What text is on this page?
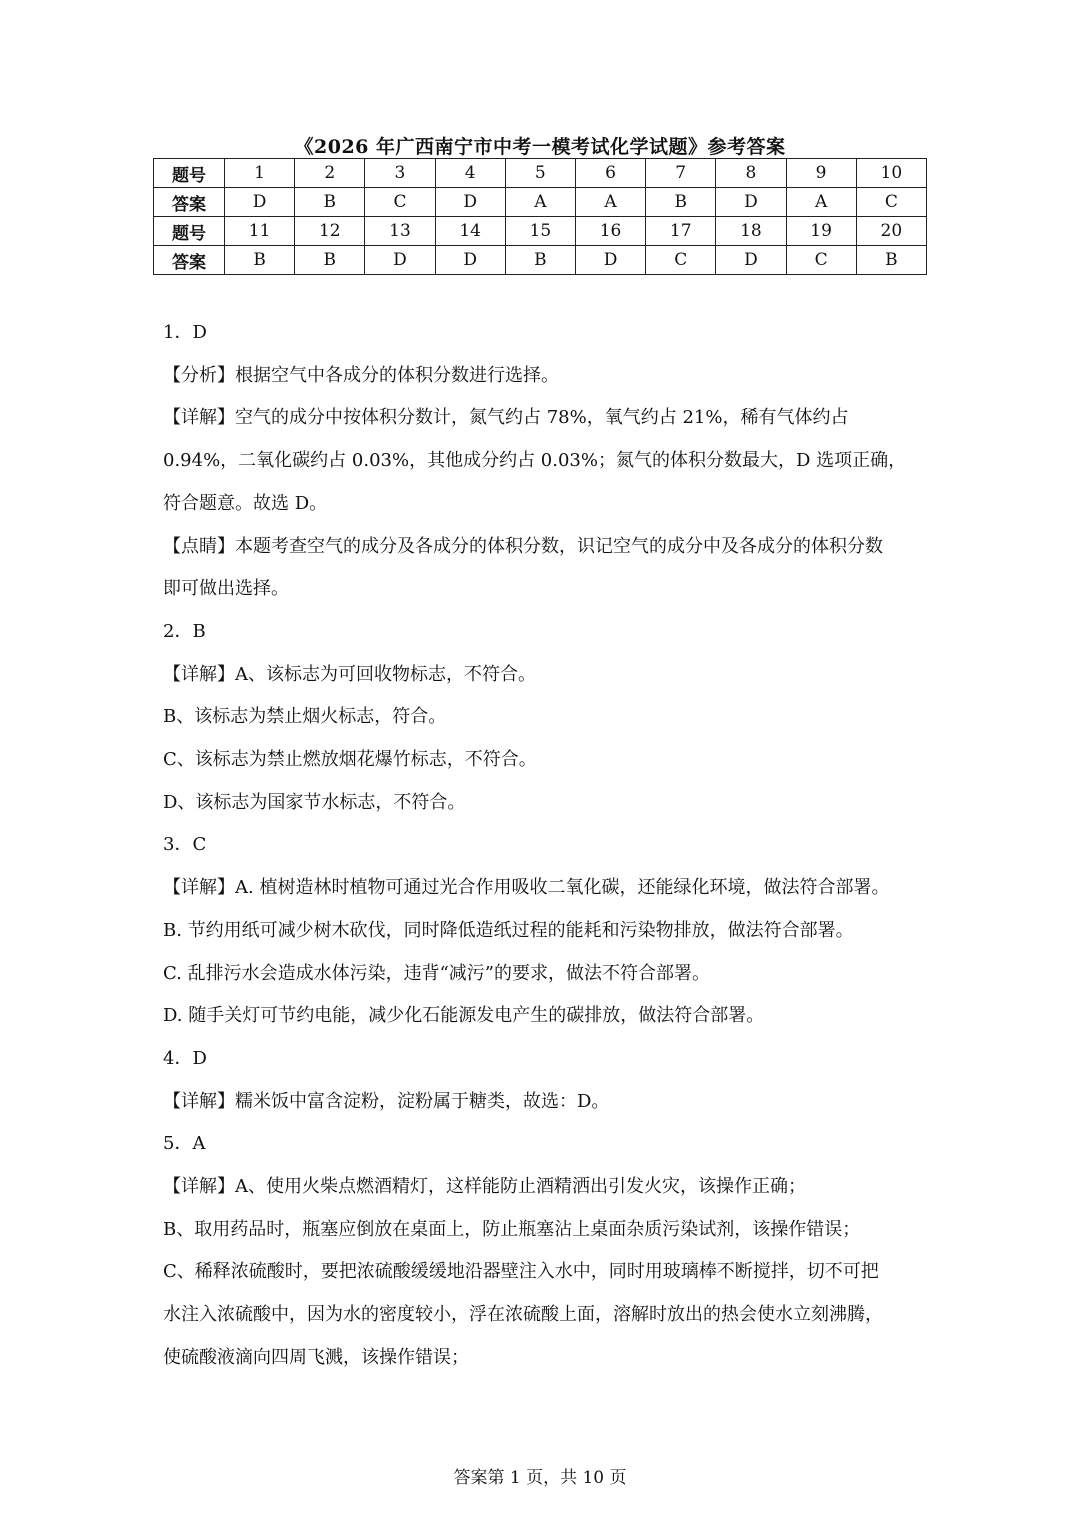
《2026 年广西南宁市中考一模考试化学试题》参考答案
题号	1	2	3	4	5	6	7	8	9	10
答案	D	B	C	D	A	A	B	D	A	C
题号	11	12	13	14	15	16	17	18	19	20
答案	B	B	D	D	B	D	C	D	C	B

1．D

【分析】根据空气中各成分的体积分数进行选择。

【详解】空气的成分中按体积分数计，氮气约占 78%，氧气约占 21%，稀有气体约占

0.94%，二氧化碳约占 0.03%，其他成分约占 0.03%；氮气的体积分数最大，D 选项正确，

符合题意。故选 D。

【点睛】本题考查空气的成分及各成分的体积分数，识记空气的成分中及各成分的体积分数

即可做出选择。

2．B

【详解】A、该标志为可回收物标志，不符合。

B、该标志为禁止烟火标志，符合。

C、该标志为禁止燃放烟花爆竹标志，不符合。

D、该标志为国家节水标志，不符合。

3．C

【详解】A. 植树造林时植物可通过光合作用吸收二氧化碳，还能绿化环境，做法符合部署。

B. 节约用纸可减少树木砍伐，同时降低造纸过程的能耗和污染物排放，做法符合部署。

C. 乱排污水会造成水体污染，违背“减污”的要求，做法不符合部署。

D. 随手关灯可节约电能，减少化石能源发电产生的碳排放，做法符合部署。

4．D

【详解】糯米饭中富含淀粉，淀粉属于糖类，故选：D。

5．A

【详解】A、使用火柴点燃酒精灯，这样能防止酒精洒出引发火灾，该操作正确；

B、取用药品时，瓶塞应倒放在桌面上，防止瓶塞沾上桌面杂质污染试剂，该操作错误；

C、稀释浓硫酸时，要把浓硫酸缓缓地沿器壁注入水中，同时用玻璃棒不断搅拌，切不可把

水注入浓硫酸中，因为水的密度较小，浮在浓硫酸上面，溶解时放出的热会使水立刻沸腾，

使硫酸液滴向四周飞溅，该操作错误；

答案第 1 页，共 10 页
